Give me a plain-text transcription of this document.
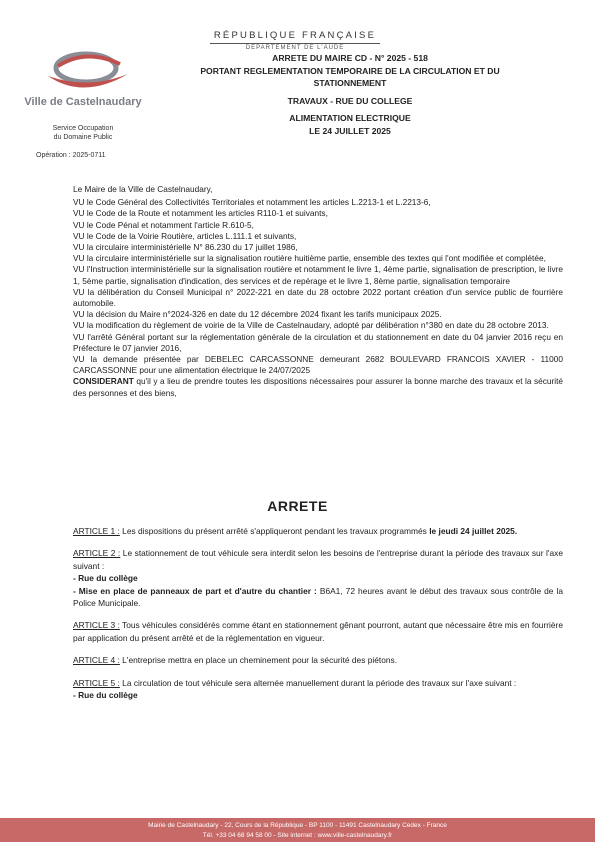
RÉPUBLIQUE FRANÇAISE
DÉPARTEMENT DE L'AUDE
Ville de Castelnaudary
Service Occupation
du Domaine Public
Opération : 2025-0711
ARRETE DU MAIRE CD - N° 2025 - 518
PORTANT REGLEMENTATION TEMPORAIRE DE LA CIRCULATION ET DU
STATIONNEMENT
TRAVAUX - RUE DU COLLEGE
ALIMENTATION ELECTRIQUE
LE 24 JUILLET 2025

Le Maire de la Ville de Castelnaudary,

VU le Code Général des Collectivités Territoriales et notamment les articles L.2213-1 et L.2213-6,

VU le Code de la Route et notamment les articles R110-1 et suivants,

VU le Code Pénal et notamment l'article R.610-5,

VU le Code de la Voirie Routière, articles L.111.1 et suivants,

VU la circulaire interministérielle N° 86.230 du 17 juillet 1986,

VU la circulaire interministérielle sur la signalisation routière huitième partie, ensemble des textes qui l'ont modifiée et complétée,

VU l'Instruction interministérielle sur la signalisation routière et notamment le livre 1, 4ème partie, signalisation de prescription, le livre 1, 5ème partie, signalisation d'indication, des services et de repérage et le livre 1, 8ème partie, signalisation temporaire

VU la délibération du Conseil Municipal n° 2022-221 en date du 28 octobre 2022 portant création d'un service public de fourrière automobile.

VU la décision du Maire n°2024-326 en date du 12 décembre 2024 fixant les tarifs municipaux 2025.

VU la modification du règlement de voirie de la Ville de Castelnaudary, adopté par délibération n°380 en date du 28 octobre 2013.

VU l'arrêté Général portant sur la réglementation générale de la circulation et du stationnement en date du 04 janvier 2016 reçu en Préfecture le 07 janvier 2016,

VU la demande présentée par DEBELEC CARCASSONNE demeurant 2682 BOULEVARD FRANCOIS XAVIER - 11000 CARCASSONNE pour une alimentation électrique le 24/07/2025

CONSIDERANT qu'il y a lieu de prendre toutes les dispositions nécessaires pour assurer la bonne marche des travaux et la sécurité des personnes et des biens,

ARRETE

ARTICLE 1 : Les dispositions du présent arrêté s'appliqueront pendant les travaux programmés le jeudi 24 juillet 2025.

ARTICLE 2 : Le stationnement de tout véhicule sera interdit selon les besoins de l'entreprise durant la période des travaux sur l'axe suivant :

- Rue du collège

- Mise en place de panneaux de part et d'autre du chantier : B6A1, 72 heures avant le début des travaux sous contrôle de la Police Municipale.

ARTICLE 3 : Tous véhicules considérés comme étant en stationnement gênant pourront, autant que nécessaire être mis en fourrière par application du présent arrêté et de la réglementation en vigueur.

ARTICLE 4 : L'entreprise mettra en place un cheminement pour la sécurité des piétons.

ARTICLE 5 : La circulation de tout véhicule sera alternée manuellement durant la période des travaux sur l'axe suivant :

- Rue du collège

Mairie de Castelnaudary - 22, Cours de la République - BP 1100 - 11491 Castelnaudary Cedex - France
Tél. +33 04 68 94 58 00 - Site internet : www.ville-castelnaudary.fr
